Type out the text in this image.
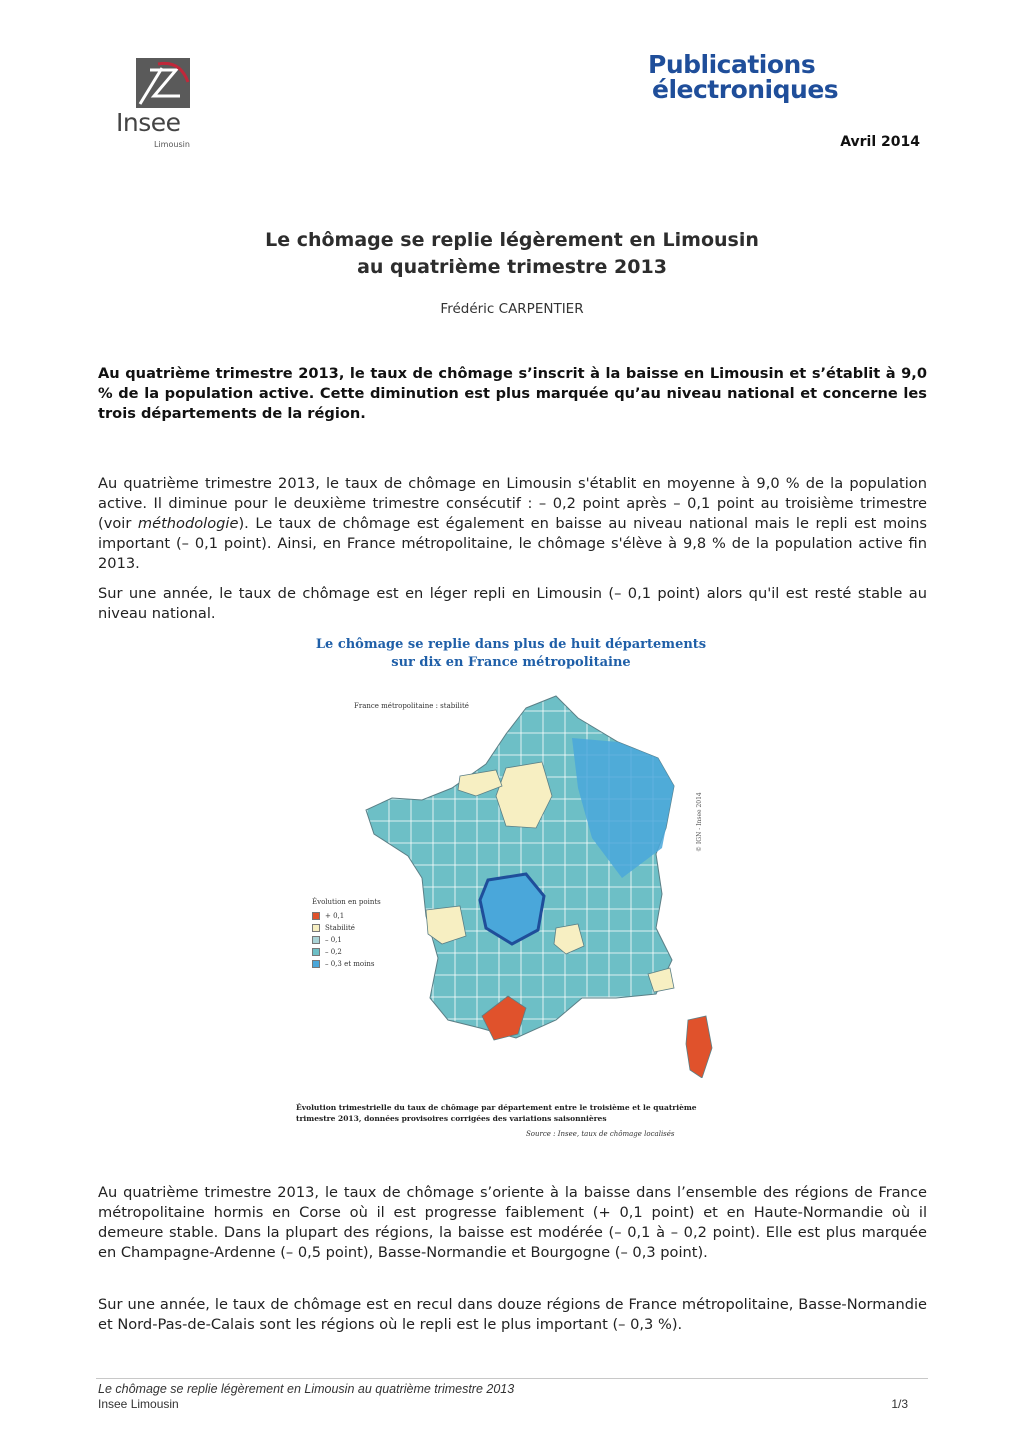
Insee
Limousin
Publications
électroniques
Avril 2014
Le chômage se replie légèrement en Limousin
au quatrième trimestre 2013
Frédéric CARPENTIER
Au quatrième trimestre 2013, le taux de chômage s’inscrit à la baisse en Limousin et s’établit à 9,0 % de la population active. Cette diminution est plus marquée qu’au niveau national et concerne les trois départements de la région.
Au quatrième trimestre 2013, le taux de chômage en Limousin s'établit en moyenne à 9,0 % de la population active. Il diminue pour le deuxième trimestre consécutif : – 0,2 point après – 0,1 point au troisième trimestre (voir méthodologie). Le taux de chômage est également en baisse au niveau national mais le repli est moins important (– 0,1 point). Ainsi, en France métropolitaine, le chômage s'élève à 9,8 % de la population active fin 2013.
Sur une année, le taux de chômage est en léger repli en Limousin (– 0,1 point) alors qu'il est resté stable au niveau national.
Le chômage se replie dans plus de huit départements
sur dix en France métropolitaine
France métropolitaine : stabilité
Évolution en points
+ 0,1
Stabilité
– 0,1
– 0,2
– 0,3 et moins
© IGN - Insee 2014
Évolution trimestrielle du taux de chômage par département entre le troisième et le quatrième trimestre 2013, données provisoires corrigées des variations saisonnières
Source : Insee, taux de chômage localisés
Au quatrième trimestre 2013, le taux de chômage s’oriente à la baisse dans l’ensemble des régions de France métropolitaine hormis en Corse où il est progresse faiblement (+ 0,1 point) et en Haute-Normandie où il demeure stable. Dans la plupart des régions, la baisse est modérée (– 0,1 à – 0,2 point). Elle est plus marquée en Champagne-Ardenne (– 0,5 point), Basse-Normandie et Bourgogne (– 0,3 point).
Sur une année, le taux de chômage est en recul dans douze régions de France métropolitaine, Basse-Normandie et Nord-Pas-de-Calais sont les régions où le repli est le plus important (– 0,3 %).
Le chômage se replie légèrement en Limousin au quatrième trimestre 2013
Insee Limousin	1/3
